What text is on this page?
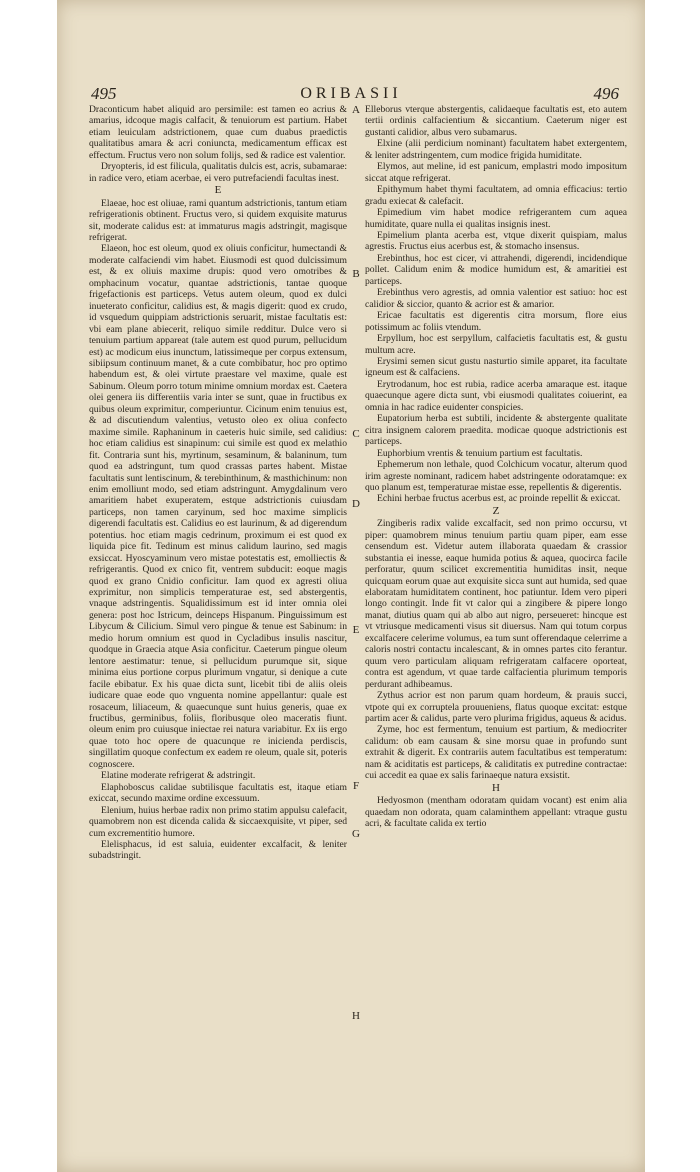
495	ORIBASII	496

Draconticum habet aliquid aro persimile: est tamen eo acrius & amarius, idcoque magis calfacit, & tenuiorum est partium. Habet etiam leuiculam adstrictionem, quae cum duabus praedictis qualitatibus amara & acri coniuncta, medicamentum efficax est effectum. Fructus vero non solum folijs, sed & radice est valentior.

Dryopteris, id est filicula, qualitatis dulcis est, acris, subamarae: in radice vero, etiam acerbae, ei vero putrefaciendi facultas inest.

E

Elaeae, hoc est oliuae, rami quantum adstrictionis, tantum etiam refrigerationis obtinent. Fructus vero, si quidem exquisite maturus sit, moderate calidus est: at immaturus magis adstringit, magisque refrigerat.

Elaeon, hoc est oleum, quod ex oliuis conficitur, humectandi & moderate calfaciendi vim habet. Eiusmodi est quod dulcissimum est, & ex oliuis maxime drupis: quod vero omotribes & omphacinum vocatur, quantae adstrictionis, tantae quoque frigefactionis est particeps. Vetus autem oleum, quod ex dulci inueterato conficitur, calidius est, & magis digerit: quod ex crudo, id vsquedum quippiam adstrictionis seruarit, mistae facultatis est: vbi eam plane abiecerit, reliquo simile redditur. Dulce vero si tenuium partium appareat (tale autem est quod purum, pellucidum est) ac modicum eius inunctum, latissimeque per corpus extensum, sibiipsum continuum manet, & a cute combibatur, hoc pro optimo habendum est, & olei virtute praestare vel maxime, quale est Sabinum. Oleum porro totum minime omnium mordax est. Caetera olei genera iis differentiis varia inter se sunt, quae in fructibus ex quibus oleum exprimitur, comperiuntur. Cicinum enim tenuius est, & ad discutiendum valentius, vetusto oleo ex oliua confecto maxime simile. Raphaninum in caeteris huic simile, sed calidius: hoc etiam calidius est sinapinum: cui simile est quod ex melathio fit. Contraria sunt his, myrtinum, sesaminum, & balaninum, tum quod ea adstringunt, tum quod crassas partes habent. Mistae facultatis sunt lentiscinum, & terebinthinum, & masthichinum: non enim emolliunt modo, sed etiam adstringunt. Amygdalinum vero amaritiem habet exuperatem, estque adstrictionis cuiusdam particeps, non tamen caryinum, sed hoc maxime simplicis digerendi facultatis est. Calidius eo est laurinum, & ad digerendum potentius. hoc etiam magis cedrinum, proximum ei est quod ex liquida pice fit. Tedinum est minus calidum laurino, sed magis exsiccat. Hyoscyaminum vero mistae potestatis est, emolliectis & refrigerantis. Quod ex cnico fit, ventrem subducit: eoque magis quod ex grano Cnidio conficitur. Iam quod ex agresti oliua exprimitur, non simplicis temperaturae est, sed abstergentis, vnaque adstringentis. Squalidissimum est id inter omnia olei genera: post hoc Istricum, deinceps Hispanum. Pinguissimum est Libycum & Cilicium. Simul vero pingue & tenue est Sabinum: in medio horum omnium est quod in Cycladibus insulis nascitur, quodque in Graecia atque Asia conficitur. Caeterum pingue oleum lentore aestimatur: tenue, si pellucidum purumque sit, sique minima eius portione corpus plurimum vngatur, si denique a cute facile ebibatur. Ex his quae dicta sunt, licebit tibi de aliis oleis iudicare quae eode quo vnguenta nomine appellantur: quale est rosaceum, liliaceum, & quaecunque sunt huius generis, quae ex fructibus, germinibus, foliis, floribusque oleo maceratis fiunt. oleum enim pro cuiusque iniectae rei natura variabitur. Ex iis ergo quae toto hoc opere de quacunque re inicienda perdiscis, singillatim quoque confectum ex eadem re oleum, quale sit, poteris cognoscere.

Elatine moderate refrigerat & adstringit.

Elaphoboscus calidae subtilisque facultatis est, itaque etiam exiccat, secundo maxime ordine excessuum.

Elenium, huius herbae radix non primo statim appulsu calefacit, quamobrem non est dicenda calida & siccaexquisite, vt piper, sed cum excrementitio humore.

Elelisphacus, id est saluia, euidenter excalfacit, & leniter subadstringit.

A
B
C
D
E
F
G
H

Elleborus vterque abstergentis, calidaeque facultatis est, eto autem tertii ordinis calfacientium & siccantium. Caeterum niger est gustanti calidior, albus vero subamarus.

Elxine (alii perdicium nominant) facultatem habet extergentem, & leniter adstringentem, cum modice frigida humiditate.

Elymos, aut meline, id est panicum, emplastri modo impositum siccat atque refrigerat.

Epithymum habet thymi facultatem, ad omnia efficacius: tertio gradu exiecat & calefacit.

Epimedium vim habet modice refrigerantem cum aquea humiditate, quare nulla ei qualitas insignis inest.

Epimelium planta acerba est, vtque dixerit quispiam, malus agrestis. Fructus eius acerbus est, & stomacho insensus.

Erebinthus, hoc est cicer, vi attrahendi, digerendi, incidendique pollet. Calidum enim & modice humidum est, & amaritiei est particeps.

Erebinthus vero agrestis, ad omnia valentior est satiuo: hoc est calidior & siccior, quanto & acrior est & amarior.

Ericae facultatis est digerentis citra morsum, flore eius potissimum ac foliis vtendum.

Erpyllum, hoc est serpyllum, calfacietis facultatis est, & gustu multum acre.

Erysimi semen sicut gustu nasturtio simile apparet, ita facultate igneum est & calfaciens.

Erytrodanum, hoc est rubia, radice acerba amaraque est. itaque quaecunque agere dicta sunt, vbi eiusmodi qualitates coiuerint, ea omnia in hac radice euidenter conspicies.

Eupatorium herba est subtili, incidente & abstergente qualitate citra insignem calorem praedita. modicae quoque adstrictionis est particeps.

Euphorbium vrentis & tenuium partium est facultatis.

Ephemerum non lethale, quod Colchicum vocatur, alterum quod irim agreste nominant, radicem habet adstringente odoratamque: ex quo planum est, temperaturae mistae esse, repellentis & digerentis.

Echini herbae fructus acerbus est, ac proinde repellit & exiccat.

Z

Zingiberis radix valide excalfacit, sed non primo occursu, vt piper: quamobrem minus tenuium partiu quam piper, eam esse censendum est. Videtur autem illaborata quaedam & crassior substantia ei inesse, eaque humida potius & aquea, quocirca facile perforatur, quum scilicet excrementitia humiditas insit, neque quicquam eorum quae aut exquisite sicca sunt aut humida, sed quae elaboratam humiditatem continent, hoc patiuntur. Idem vero piperi longo contingit. Inde fit vt calor qui a zingibere & pipere longo manat, diutius quam qui ab albo aut nigro, perseueret: hincque est vt vtriusque medicamenti visus sit diuersus. Nam qui totum corpus excalfacere celerime volumus, ea tum sunt offerendaque celerrime a caloris nostri contactu incalescant, & in omnes partes cito ferantur. quum vero particulam aliquam refrigeratam calfacere oporteat, contra est agendum, vt quae tarde calfacientia plurimum temporis perdurant adhibeamus.

Zythus acrior est non parum quam hordeum, & prauis succi, vtpote qui ex corruptela prouueniens, flatus quoque excitat: estque partim acer & calidus, parte vero plurima frigidus, aqueus & acidus.

Zyme, hoc est fermentum, tenuium est partium, & mediocriter calidum: ob eam causam & sine morsu quae in profundo sunt extrahit & digerit. Ex contrariis autem facultatibus est temperatum: nam & aciditatis est particeps, & caliditatis ex putredine contractae: cui accedit ea quae ex salis farinaeque natura exsistit.

H

Hedyosmon (mentham odoratam quidam vocant) est enim alia quaedam non odorata, quam calaminthem appellant: vtraque gustu acri, & facultate calida ex tertio
